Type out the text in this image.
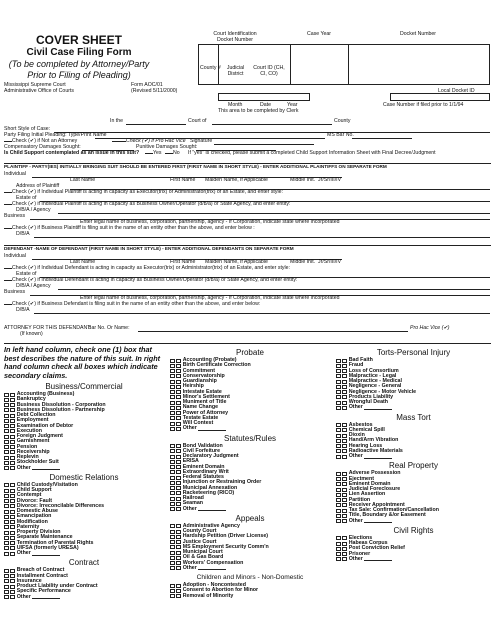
COVER SHEET
Civil Case Filing Form
(To be completed by Attorney/Party Prior to Filing of Pleading)
Mississippi Supreme Court
Administrative Office of Courts
Form AOC/01
(Revised 5/11/2000)
Court Identification Docket Number
Case Year	Docket Number
County #	Judicial District
Court ID (CH, CI, CO)
Local Docket ID
Month	Date	Year
This area to be completed by Clerk
Case Number if filed prior to 1/1/94
In the	Court of	County
Short Style of Case:
Party Filing Initial Pleading: Type/Print Name	MS Bar No.
Check (✔) if Not an Attorney	Check (✔) if Pro Hac Vice Signature
Compensatory Damages Sought:	Punitive Damages Sought:
Is Child Support contemplated as an issue in this suit?	Yes	No If "yes" is checked, please submit a completed Child Support Information Sheet with Final Decree/Judgment
PLAINTIFF - PARTY(IES) INITIALLY BRINGING SUIT SHOULD BE ENTERED FIRST (FIRST NAME IN SHORT STYLE) - ENTER ADDITIONAL PLAINTIFFS ON SEPARATE FORM
Individual
Last Name	First Name Maiden Name, if Applicable	Middle Init. Jr/Sr/III/IV
Address of Plaintiff
Check (✔) if Individual Plaintiff is acting in capacity as Executor(trix) or Administrator(trix) of an Estate, and enter style:
Estate of
Check (✔) if Individual Plaintiff is acting in capacity as Business Owner/Operator (d/b/a) or State Agency, and enter entity:
D/B/A / Agency
Business
Enter legal name of business, corporation, partnership, agency - If Corporation, indicate state where incorporated
Check (✔) if Business Plaintiff is filing suit in the name of an entity other than the above, and enter below :
D/B/A
DEFENDANT -NAME OF DEFENDANT (FIRST NAME IN SHORT STYLE) - ENTER ADDITIONAL DEFENDANTS ON SEPARATE FORM
Individual
Last Name	First Name Maiden Name, if Applicable	Middle Init. Jr/Sr/III/IV
Check (✔) if Individual Defendant is acting in capacity as Executor(trix) or Administrator(trix) of an Estate, and enter style:
Estate of
Check (✔) if Individual Defendant is acting in capacity as Business Owner/Operator (d/b/a) or State Agency, and enter entity:
D/B/A / Agency
Business
Enter legal name of business, corporation, partnership, agency - If Corporation, indicate state where incorporated
Check (✔) if Business Defendant is filing suit in the name of an entity other than the above, and enter below:
D/B/A
ATTORNEY FOR THIS DEFENDANT:
Bar No. Or Name:	Pro Hac Vice (✔)
(If known)
In left hand column, check one (1) box that best describes the nature of this suit. In right hand column check all boxes which indicate secondary claims.
Business/Commercial
Accounting (Business)
Bankruptcy
Business Dissolution - Corporation
Business Dissolution - Partnership
Debt Collection
Employment
Examination of Debtor
Execution
Foreign Judgment
Garnishment
Pension
Receivership
Replevin
Stockholder Suit
Other
Domestic Relations
Child Custody/Visitation
Child Support
Contempt
Divorce: Fault
Divorce: Irreconcilable Differences
Domestic Abuse
Emancipation
Modification
Paternity
Property Division
Separate Maintenance
Termination of Parental Rights
UIFSA (formerly URESA)
Other
Contract
Breach of Contract
Installment Contract
Insurance
Product Liability under Contract
Specific Performance
Other
Probate
Accounting (Probate)
Birth Certificate Correction
Commitment
Conservatorship
Guardianship
Heirship
Intestate Estate
Minor's Settlement
Muniment of Title
Name Change
Power of Attorney
Testate Estate
Will Contest
Other
Statutes/Rules
Bond Validation
Civil Forfeiture
Declaratory Judgment
ERISA
Eminent Domain
Extraordinary Writ
Federal Statutes
Injunction or Restraining Order
Municipal Annexation
Racketeering (RICO)
Railroad
Seaman
Other
Appeals
Administrative Agency
County Court
Hardship Petition (Driver License)
Justice Court
MS Employment Security Comm'n
Municipal Court
Oil & Gas Board
Workers' Compensation
Other
Children and Minors - Non-Domestic
Adoption - Noncontested
Consent to Abortion for Minor
Removal of Minority
Torts-Personal Injury
Bad Faith
Fraud
Loss of Consortium
Malpractice - Legal
Malpractice - Medical
Negligence - General
Negligence - Motor Vehicle
Products Liability
Wrongful Death
Other
Mass Tort
Asbestos
Chemical Spill
Dioxin
Hand/Arm Vibration
Hearing Loss
Radioactive Materials
Other
Real Property
Adverse Possession
Ejectment
Eminent Domain
Judicial Foreclosure
Lien Assertion
Partition
Receiver Appointment
Tax Sale: Confirmation/Cancellation
Title, Boundary &/or Easement
Other
Civil Rights
Elections
Habeas Corpus
Post Conviction Relief
Prisoner
Other
